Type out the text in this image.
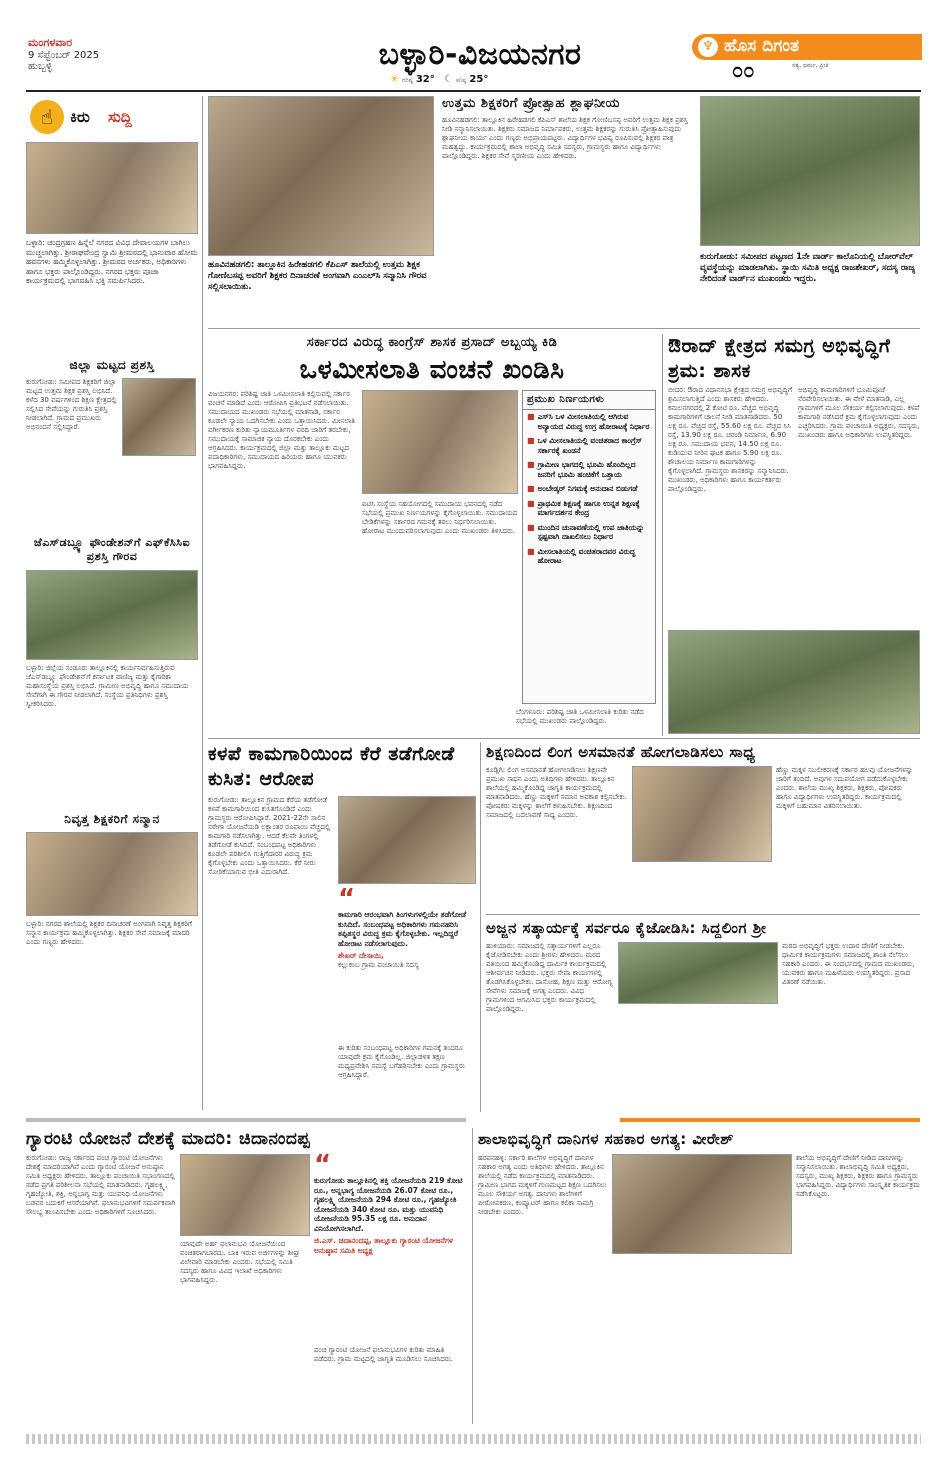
ಮಂಗಳವಾರ
9 ಸೆಪ್ಟೆಂಬರ್ 2025
ಹುಬ್ಬಳ್ಳಿ	ಬಳ್ಳಾರಿ-ವಿಜಯನಗರ
☀ ಗರಿಷ್ಠ 32° ☾ ಕನಿಷ್ಠ 25°
♆ ಹೊಸ ದಿಗಂತ
ಸತ್ಯ, ಧರ್ಮ, ಪ್ರೀತಿ
೦೦
☝	ಕಿರು ಸುದ್ದಿ
ಬಳ್ಳಾರಿ: ಚಂದ್ರಗ್ರಹಣ ಹಿನ್ನೆಲೆ ನಗರದ ವಿವಿಧ ದೇವಾಲಯಗಳ ಬಾಗಿಲು ಮುಚ್ಚಲಾಗಿತ್ತು. ಶ್ರೀರಾಘವೇಂದ್ರ ಸ್ವಾಮಿ ಶ್ರೀಮಠದಲ್ಲಿ ಭಾನುವಾರ ಹೋಮ ಹವನಗಳು ಹಮ್ಮಿಕೊಳ್ಳಲಾಗಿತ್ತು. ಶ್ರೀಮಠದ ಅರ್ಚಕರು, ಅಧಿಕಾರಿಗಳು ಹಾಗೂ ಭಕ್ತರು ಪಾಲ್ಗೊಂಡಿದ್ದರು. ನಗರದ ಭಕ್ತರು ಪೂಜಾ ಕಾರ್ಯಕ್ರಮದಲ್ಲಿ ಭಾಗವಹಿಸಿ ಭಕ್ತಿ ಸಮರ್ಪಿಸಿದರು.
ಜಿಲ್ಲಾ ಮಟ್ಟದ ಪ್ರಶಸ್ತಿ
ಕುರುಗೋಡು: ಸಮೀಪದ ಶಿಕ್ಷಕರಿಗೆ ಜಿಲ್ಲಾ ಮಟ್ಟದ ಉತ್ತಮ ಶಿಕ್ಷಕ ಪ್ರಶಸ್ತಿ ಲಭಿಸಿದೆ. ಕಳೆದ 30 ವರ್ಷಗಳಿಂದ ಶಿಕ್ಷಣ ಕ್ಷೇತ್ರದಲ್ಲಿ ಸಲ್ಲಿಸಿದ ಸೇವೆಯನ್ನು ಗುರುತಿಸಿ ಪ್ರಶಸ್ತಿ ನೀಡಲಾಗಿದೆ. ಗ್ರಾಮದ ಪ್ರಮುಖರು ಅಭಿನಂದನೆ ಸಲ್ಲಿಸಿದ್ದಾರೆ.
ಜೆಎಸ್‌ಡಬ್ಲ್ಯೂ ಫೌಂಡೇಶನ್‌ಗೆ ಎಫ್‌ಕೆಸಿಸಿಐ ಪ್ರಶಸ್ತಿ ಗೌರವ
ಬಳ್ಳಾರಿ: ಜಿಲ್ಲೆಯ ಸಂಡೂರು ತಾಲ್ಲೂಕಿನಲ್ಲಿ ಕಾರ್ಯನಿರ್ವಹಿಸುತ್ತಿರುವ ಜೆಎಸ್‌ಡಬ್ಲ್ಯೂ ಫೌಂಡೇಶನ್‌ಗೆ ಕರ್ನಾಟಕ ವಾಣಿಜ್ಯ ಮತ್ತು ಕೈಗಾರಿಕಾ ಮಹಾಸಂಸ್ಥೆಯ ಪ್ರಶಸ್ತಿ ಲಭಿಸಿದೆ. ಗ್ರಾಮೀಣ ಅಭಿವೃದ್ಧಿ ಹಾಗೂ ಸಮುದಾಯ ಸೇವೆಗಾಗಿ ಈ ಗೌರವ ನೀಡಲಾಗಿದೆ. ಸಂಸ್ಥೆಯ ಪ್ರತಿನಿಧಿಗಳು ಪ್ರಶಸ್ತಿ ಸ್ವೀಕರಿಸಿದರು.
ನಿವೃತ್ತ ಶಿಕ್ಷಕರಿಗೆ ಸನ್ಮಾನ
ಬಳ್ಳಾರಿ: ನಗರದ ಶಾಲೆಯಲ್ಲಿ ಶಿಕ್ಷಕರ ದಿನಾಚರಣೆ ಅಂಗವಾಗಿ ನಿವೃತ್ತ ಶಿಕ್ಷಕರಿಗೆ ಸನ್ಮಾನ ಕಾರ್ಯಕ್ರಮ ಹಮ್ಮಿಕೊಳ್ಳಲಾಗಿತ್ತು. ಶಿಕ್ಷಕರ ಸೇವೆ ಸಮಾಜಕ್ಕೆ ಮಾದರಿ ಎಂದು ಗಣ್ಯರು ಹೇಳಿದರು.
ಹೂವಿನಹಡಗಲಿ: ತಾಲ್ಲೂಕಿನ ಹಿರೇಹಡಗಲಿ ಕೆಪಿಎಸ್ ಶಾಲೆಯಲ್ಲಿ ಉತ್ತಮ ಶಿಕ್ಷಕ ಗೋಣಿಬಸಪ್ಪ ಅವರಿಗೆ ಶಿಕ್ಷಕರ ದಿನಾಚರಣೆ ಅಂಗವಾಗಿ ಎಂಎಲ್‌ಸಿ ಸನ್ಮಾನಿಸಿ ಗೌರವ ಸಲ್ಲಿಸಲಾಯಿತು.
ಉತ್ತಮ ಶಿಕ್ಷಕರಿಗೆ ಪ್ರೋತ್ಸಾಹ ಶ್ಲಾಘನೀಯ
ಹೂವಿನಹಡಗಲಿ: ತಾಲ್ಲೂಕಿನ ಹಿರೇಹಡಗಲಿ ಕೆಪಿಎಸ್ ಶಾಲೆಯ ಶಿಕ್ಷಕ ಗೋಣಿಬಸಪ್ಪ ಅವರಿಗೆ ಉತ್ತಮ ಶಿಕ್ಷಕ ಪ್ರಶಸ್ತಿ ನೀಡಿ ಸನ್ಮಾನಿಸಲಾಯಿತು. ಶಿಕ್ಷಕರು ಸಮಾಜದ ನಿರ್ಮಾಪಕರು, ಉತ್ತಮ ಶಿಕ್ಷಕರನ್ನು ಗುರುತಿಸಿ ಪ್ರೋತ್ಸಾಹಿಸುವುದು ಶ್ಲಾಘನೀಯ ಕಾರ್ಯ ಎಂದು ಗಣ್ಯರು ಅಭಿಪ್ರಾಯಪಟ್ಟರು. ವಿದ್ಯಾರ್ಥಿಗಳ ಭವಿಷ್ಯ ರೂಪಿಸುವಲ್ಲಿ ಶಿಕ್ಷಕರ ಪಾತ್ರ ಮಹತ್ವದ್ದು. ಕಾರ್ಯಕ್ರಮದಲ್ಲಿ ಶಾಲಾ ಅಭಿವೃದ್ಧಿ ಸಮಿತಿ ಸದಸ್ಯರು, ಗ್ರಾಮಸ್ಥರು ಹಾಗೂ ವಿದ್ಯಾರ್ಥಿಗಳು ಪಾಲ್ಗೊಂಡಿದ್ದರು. ಶಿಕ್ಷಕರ ಸೇವೆ ಸ್ಮರಣೀಯ ಎಂದು ಹೇಳಿದರು.
ಕುರುಗೋಡು: ಸಮೀಪದ ಪಟ್ಟಣದ 1ನೇ ವಾರ್ಡ್ ಕಾಲೊನಿಯಲ್ಲಿ ಬೋರ್‌ವೆಲ್ ವ್ಯವಸ್ಥೆಯನ್ನು ಮಾಡಲಾಗಿತು. ಸ್ಥಾಯಿ ಸಮಿತಿ ಅಧ್ಯಕ್ಷ ರಾಜಶೇಖರ್, ಸದಸ್ಯ ರಾಜ್ಯ ನೇರಿದಂತೆ ವಾರ್ಡ್‌ನ ಮುಖಂಡರು ಇದ್ದರು.
ಸರ್ಕಾರದ ವಿರುದ್ಧ ಕಾಂಗ್ರೆಸ್ ಶಾಸಕ ಪ್ರಸಾದ್ ಅಬ್ಬಯ್ಯ ಕಿಡಿ
ಒಳಮೀಸಲಾತಿ ವಂಚನೆ ಖಂಡಿಸಿ
ವಿಜಯನಗರ: ಪರಿಶಿಷ್ಟ ಜಾತಿ ಒಳಮೀಸಲಾತಿ ಕಲ್ಪಿಸುವಲ್ಲಿ ಸರ್ಕಾರ ವಂಚನೆ ಮಾಡಿದೆ ಎಂದು ಆರೋಪಿಸಿ ಪ್ರತಿಭಟನೆ ನಡೆಸಲಾಯಿತು. ಸಮುದಾಯದ ಮುಖಂಡರು ಸಭೆಯಲ್ಲಿ ಮಾತನಾಡಿ, ಸರ್ಕಾರ ಕೂಡಲೇ ನ್ಯಾಯ ಒದಗಿಸಬೇಕು ಎಂದು ಒತ್ತಾಯಿಸಿದರು. ಮೀಸಲಾತಿ ವರ್ಗೀಕರಣ ಕುರಿತು ನ್ಯಾಯಮೂರ್ತಿಗಳ ವರದಿ ಜಾರಿಗೆ ತರಬೇಕು, ಸಮುದಾಯಕ್ಕೆ ಸಾಮಾಜಿಕ ನ್ಯಾಯ ದೊರಕಬೇಕು ಎಂದು ಆಗ್ರಹಿಸಿದರು. ಕಾರ್ಯಕ್ರಮದಲ್ಲಿ ಜಿಲ್ಲಾ ಮತ್ತು ತಾಲ್ಲೂಕು ಮಟ್ಟದ ಪದಾಧಿಕಾರಿಗಳು, ಸಮುದಾಯದ ಹಿರಿಯರು ಹಾಗೂ ಯುವಕರು ಭಾಗವಹಿಸಿದ್ದರು.
ಐಟಿಸಿ ಸಂಸ್ಥೆಯ ಸಹಯೋಗದಲ್ಲಿ ಸಮುದಾಯ ಭವನದಲ್ಲಿ ನಡೆದ ಸಭೆಯಲ್ಲಿ ಪ್ರಮುಖ ನಿರ್ಣಯಗಳನ್ನು ಕೈಗೊಳ್ಳಲಾಯಿತು. ಸಮುದಾಯದ ಬೇಡಿಕೆಗಳನ್ನು ಸರ್ಕಾರದ ಗಮನಕ್ಕೆ ತರಲು ನಿರ್ಧರಿಸಲಾಯಿತು. ಹೋರಾಟ ಮುಂದುವರಿಸಲಾಗುವುದು ಎಂದು ಮುಖಂಡರು ತಿಳಿಸಿದರು.
ಬೆಂಗಳೂರು: ಪರಿಶಿಷ್ಟ ಜಾತಿ ಒಳಮೀಸಲಾತಿ ಕುರಿತು ನಡೆದ ಸಭೆಯಲ್ಲಿ ಮುಖಂಡರು ಪಾಲ್ಗೊಂಡಿದ್ದರು.
ಪ್ರಮುಖ ನಿರ್ಣಯಗಳು
■ ಎಸ್‌ಸಿ ಒಳ ಮೀಸಲಾತಿಯಲ್ಲಿ ಆಗಿರುವ ಅನ್ಯಾಯದ ವಿರುದ್ಧ ಉಗ್ರ ಹೋರಾಟಕ್ಕೆ ನಿರ್ಧಾರ
■ ಒಳ ಮೀಸಲಾತಿಯಲ್ಲಿ ವಂಚಿತರಾದ ಕಾಂಗ್ರೆಸ್ ಸರ್ಕಾರಕ್ಕೆ ಖಂಡನೆ
■ ಗ್ರಾಮೀಣ ಭಾಗದಲ್ಲಿ ಭೂಮಿ ಹೊಂದಿಲ್ಲದ ಜನರಿಗೆ ಭೂಮಿ ಹಂಚಿಕೆಗೆ ಒತ್ತಾಯ
■ ಅಂಬೇಡ್ಕರ್ ನಿಗಮಕ್ಕೆ ಅನುದಾನ ಬಿಡುಗಡೆ
■ ಪ್ರಾಥಮಿಕ ಶಿಕ್ಷಣಕ್ಕೆ ಹಾಗೂ ಉನ್ನತ ಶಿಕ್ಷಣಕ್ಕೆ ಮಾರ್ಗದರ್ಶನ ಕೇಂದ್ರ
■ ಮುಂದಿನ ಚುನಾವಣೆಯಲ್ಲಿ ಉಪ ಜಾತಿಯನ್ನು ಸ್ಪಷ್ಟವಾಗಿ ದಾಖಲಿಸಲು ನಿರ್ಧಾರ
■ ಮೀಸಲಾತಿಯಲ್ಲಿ ವಂಚಿತರಾದವರ ವಿರುದ್ಧ ಹೋರಾಟ
ಔರಾದ್ ಕ್ಷೇತ್ರದ ಸಮಗ್ರ ಅಭಿವೃದ್ಧಿಗೆ ಶ್ರಮ: ಶಾಸಕ
ಬೀದರ: ಔರಾದ ವಿಧಾನಸಭಾ ಕ್ಷೇತ್ರದ ಸಮಗ್ರ ಅಭಿವೃದ್ಧಿಗೆ ಶ್ರಮಿಸಲಾಗುತ್ತಿದೆ ಎಂದು ಶಾಸಕರು ಹೇಳಿದರು. ಕಮಲನಗರದಲ್ಲಿ 2 ಕೋಟಿ ರೂ. ವೆಚ್ಚದ ಅಭಿವೃದ್ಧಿ ಕಾಮಗಾರಿಗಳಿಗೆ ಚಾಲನೆ ನೀಡಿ ಮಾತನಾಡಿದರು. 50 ಲಕ್ಷ ರೂ. ವೆಚ್ಚದ ರಸ್ತೆ, 55.60 ಲಕ್ಷ ರೂ. ವೆಚ್ಚದ ಸಿಸಿ ರಸ್ತೆ, 13.90 ಲಕ್ಷ ರೂ. ಚರಂಡಿ ನಿರ್ಮಾಣ, 6.90 ಲಕ್ಷ ರೂ. ಸಮುದಾಯ ಭವನ, 14.50 ಲಕ್ಷ ರೂ. ಕುಡಿಯುವ ನೀರಿನ ಘಟಕ ಹಾಗೂ 5.90 ಲಕ್ಷ ರೂ. ಶೌಚಾಲಯ ನಿರ್ಮಾಣ ಕಾಮಗಾರಿಗಳನ್ನು ಕೈಗೊಳ್ಳಲಾಗಿದೆ. ಗ್ರಾಮಸ್ಥರು ಶಾಸಕರನ್ನು ಸನ್ಮಾನಿಸಿದರು. ಮುಖಂಡರು, ಅಧಿಕಾರಿಗಳು ಹಾಗೂ ಕಾರ್ಯಕರ್ತರು ಪಾಲ್ಗೊಂಡಿದ್ದರು.
ಅಭಿವೃದ್ಧಿ ಕಾಮಗಾರಿಗಳಿಗೆ ಭೂಮಿಪೂಜೆ ನೆರವೇರಿಸಲಾಯಿತು. ಈ ವೇಳೆ ಮಾತನಾಡಿ, ಎಲ್ಲ ಗ್ರಾಮಗಳಿಗೆ ಮೂಲ ಸೌಕರ್ಯ ಕಲ್ಪಿಸಲಾಗುವುದು. ಕಳಪೆ ಕಾಮಗಾರಿ ನಡೆಸಿದರೆ ಕ್ರಮ ಕೈಗೊಳ್ಳಲಾಗುವುದು ಎಂದು ಎಚ್ಚರಿಸಿದರು. ಗ್ರಾಮ ಪಂಚಾಯಿತಿ ಅಧ್ಯಕ್ಷರು, ಸದಸ್ಯರು, ಮುಖಂಡರು ಹಾಗೂ ಅಧಿಕಾರಿಗಳು ಉಪಸ್ಥಿತರಿದ್ದರು.
ಕಳಪೆ ಕಾಮಗಾರಿಯಿಂದ ಕೆರೆ ತಡೆಗೋಡೆ ಕುಸಿತ: ಆರೋಪ
ಕುರುಗೋಡು: ತಾಲ್ಲೂಕಿನ ಗ್ರಾಮದ ಕೆರೆಯ ತಡೆಗೋಡೆ ಕಳಪೆ ಕಾಮಗಾರಿಯಿಂದ ಕುಸಿತಗೊಂಡಿದೆ ಎಂದು ಗ್ರಾಮಸ್ಥರು ಆರೋಪಿಸಿದ್ದಾರೆ. 2021-22ನೇ ಸಾಲಿನ ನರೇಗಾ ಯೋಜನೆಯಡಿ ಲಕ್ಷಾಂತರ ರೂಪಾಯಿ ವೆಚ್ಚದಲ್ಲಿ ಕಾಮಗಾರಿ ನಡೆಸಲಾಗಿತ್ತು. ಆದರೆ ಕೆಲವೇ ತಿಂಗಳಲ್ಲಿ ತಡೆಗೋಡೆ ಕುಸಿದಿದೆ. ಸಂಬಂಧಪಟ್ಟ ಅಧಿಕಾರಿಗಳು ಕೂಡಲೇ ಪರಿಶೀಲಿಸಿ ಗುತ್ತಿಗೆದಾರರ ವಿರುದ್ಧ ಕ್ರಮ ಕೈಗೊಳ್ಳಬೇಕು ಎಂದು ಒತ್ತಾಯಿಸಿದರು. ಕೆರೆ ನೀರು ಸೋರಿಕೆಯಾಗುವ ಭೀತಿ ಎದುರಾಗಿದೆ.
“
ಕಾಮಗಾರಿ ಆರಂಭವಾಗಿ ತಿಂಗಳುಗಳಲ್ಲಿಯೇ ತಡೆಗೋಡೆ ಕುಸಿದಿದೆ. ಸಂಬಂಧಪಟ್ಟ ಅಧಿಕಾರಿಗಳು ಗಮನಹರಿಸಿ ತಪ್ಪಿತಸ್ಥರ ವಿರುದ್ಧ ಕ್ರಮ ಕೈಗೊಳ್ಳಬೇಕು. ಇಲ್ಲದಿದ್ದರೆ ಹೋರಾಟ ನಡೆಸಲಾಗುವುದು.
ಶೇಖರ್ ದೇಸಾಯಿ,
ಕಲ್ಲುಕಂಬ ಗ್ರಾಮ ಪಂಚಾಯಿತಿ ಸದಸ್ಯ
ಈ ಕುರಿತು ಸಂಬಂಧಪಟ್ಟ ಅಧಿಕಾರಿಗಳ ಗಮನಕ್ಕೆ ತಂದರೂ ಯಾವುದೇ ಕ್ರಮ ಕೈಗೊಂಡಿಲ್ಲ. ಜಿಲ್ಲಾಡಳಿತ ತಕ್ಷಣ ಮಧ್ಯಪ್ರವೇಶಿಸಿ ಸಮಸ್ಯೆ ಬಗೆಹರಿಸಬೇಕು ಎಂದು ಗ್ರಾಮಸ್ಥರು ಆಗ್ರಹಿಸಿದ್ದಾರೆ.
ಶಿಕ್ಷಣದಿಂದ ಲಿಂಗ ಅಸಮಾನತೆ ಹೋಗಲಾಡಿಸಲು ಸಾಧ್ಯ
ಕೂಡ್ಲಿಗಿ: ಲಿಂಗ ಅಸಮಾನತೆ ಹೋಗಲಾಡಿಸಲು ಶಿಕ್ಷಣವೇ ಪ್ರಮುಖ ಸಾಧನ ಎಂದು ಅತಿಥಿಗಳು ಹೇಳಿದರು. ತಾಲ್ಲೂಕಿನ ಶಾಲೆಯಲ್ಲಿ ಹಮ್ಮಿಕೊಂಡಿದ್ದ ಜಾಗೃತಿ ಕಾರ್ಯಕ್ರಮದಲ್ಲಿ ಮಾತನಾಡಿದರು. ಹೆಣ್ಣು ಮಕ್ಕಳಿಗೆ ಸಮಾನ ಅವಕಾಶ ಕಲ್ಪಿಸಬೇಕು. ಪೋಷಕರು ಮಕ್ಕಳನ್ನು ಶಾಲೆಗೆ ಕಳುಹಿಸಬೇಕು. ಶಿಕ್ಷಣದಿಂದ ಸಮಾಜದಲ್ಲಿ ಬದಲಾವಣೆ ಸಾಧ್ಯ ಎಂದರು.
ಹೆಣ್ಣು ಮಕ್ಕಳ ಸಬಲೀಕರಣಕ್ಕೆ ಸರ್ಕಾರ ಹಲವು ಯೋಜನೆಗಳನ್ನು ಜಾರಿಗೆ ತಂದಿದೆ. ಅವುಗಳ ಸದುಪಯೋಗ ಪಡೆದುಕೊಳ್ಳಬೇಕು ಎಂದರು. ಶಾಲೆಯ ಮುಖ್ಯ ಶಿಕ್ಷಕರು, ಶಿಕ್ಷಕರು, ಪೋಷಕರು ಹಾಗೂ ವಿದ್ಯಾರ್ಥಿಗಳು ಉಪಸ್ಥಿತರಿದ್ದರು. ಕಾರ್ಯಕ್ರಮದಲ್ಲಿ ಮಕ್ಕಳಿಗೆ ಬಹುಮಾನ ವಿತರಿಸಲಾಯಿತು.
ಅಜ್ಜನ ಸತ್ಕಾರ್ಯಕ್ಕೆ ಸರ್ವರೂ ಕೈಜೋಡಿಸಿ: ಸಿದ್ದಲಿಂಗ ಶ್ರೀ
ಹುಳಿಯಾರು: ಸಮಾಜದಲ್ಲಿ ಸತ್ಕಾರ್ಯಗಳಿಗೆ ಎಲ್ಲರೂ ಕೈಜೋಡಿಸಬೇಕು ಎಂದು ಶ್ರೀಗಳು ಹೇಳಿದರು. ಮಠದ ವತಿಯಿಂದ ಹಮ್ಮಿಕೊಂಡಿದ್ದ ಧಾರ್ಮಿಕ ಕಾರ್ಯಕ್ರಮದಲ್ಲಿ ಆಶೀರ್ವಚನ ನೀಡಿದರು. ಭಕ್ತರು ಸೇವಾ ಕಾರ್ಯಗಳಲ್ಲಿ ತೊಡಗಿಸಿಕೊಳ್ಳಬೇಕು. ದಾಸೋಹ, ಶಿಕ್ಷಣ ಮತ್ತು ಆರೋಗ್ಯ ಸೇವೆಗಳು ಸಮಾಜಕ್ಕೆ ಅಗತ್ಯ ಎಂದರು. ವಿವಿಧ ಗ್ರಾಮಗಳಿಂದ ಆಗಮಿಸಿದ ಭಕ್ತರು ಕಾರ್ಯಕ್ರಮದಲ್ಲಿ ಪಾಲ್ಗೊಂಡಿದ್ದರು.
ಮಠದ ಅಭಿವೃದ್ಧಿಗೆ ಭಕ್ತರು ಉದಾರ ದೇಣಿಗೆ ನೀಡಬೇಕು. ಧಾರ್ಮಿಕ ಕಾರ್ಯಕ್ರಮಗಳು ಸಮಾಜದಲ್ಲಿ ಶಾಂತಿ ನೆಲೆಸಲು ಸಹಕಾರಿ ಎಂದರು. ಈ ಸಂದರ್ಭದಲ್ಲಿ ಗ್ರಾಮದ ಮುಖಂಡರು, ಯುವಕರು ಹಾಗೂ ಮಹಿಳೆಯರು ಉಪಸ್ಥಿತರಿದ್ದರು. ಪ್ರಸಾದ ವಿತರಣೆ ನಡೆಯಿತು.
ಗ್ಯಾರಂಟಿ ಯೋಜನೆ ದೇಶಕ್ಕೆ ಮಾದರಿ: ಚಿದಾನಂದಪ್ಪ
ಕುರುಗೋಡು: ರಾಜ್ಯ ಸರ್ಕಾರದ ಪಂಚ ಗ್ಯಾರಂಟಿ ಯೋಜನೆಗಳು ದೇಶಕ್ಕೆ ಮಾದರಿಯಾಗಿವೆ ಎಂದು ಗ್ಯಾರಂಟಿ ಯೋಜನೆ ಅನುಷ್ಠಾನ ಸಮಿತಿ ಅಧ್ಯಕ್ಷರು ಹೇಳಿದರು. ತಾಲ್ಲೂಕು ಪಂಚಾಯಿತಿ ಸಭಾಂಗಣದಲ್ಲಿ ನಡೆದ ಪ್ರಗತಿ ಪರಿಶೀಲನಾ ಸಭೆಯಲ್ಲಿ ಮಾತನಾಡಿದರು. ಗೃಹಲಕ್ಷ್ಮಿ, ಗೃಹಜ್ಯೋತಿ, ಶಕ್ತಿ, ಅನ್ನಭಾಗ್ಯ ಮತ್ತು ಯುವನಿಧಿ ಯೋಜನೆಗಳು ಬಡವರ ಬದುಕಿಗೆ ಆಸರೆಯಾಗಿವೆ. ಫಲಾನುಭವಿಗಳಿಗೆ ಸಮರ್ಪಕವಾಗಿ ಸೌಲಭ್ಯ ತಲುಪಿಸಬೇಕು ಎಂದು ಅಧಿಕಾರಿಗಳಿಗೆ ಸೂಚಿಸಿದರು.
ಯಾವುದೇ ಅರ್ಹ ಫಲಾನುಭವಿ ಯೋಜನೆಯಿಂದ ವಂಚಿತರಾಗಬಾರದು. ಬಾಕಿ ಇರುವ ಅರ್ಜಿಗಳನ್ನು ಶೀಘ್ರ ವಿಲೇವಾರಿ ಮಾಡಬೇಕು ಎಂದರು. ಸಭೆಯಲ್ಲಿ ಸಮಿತಿ ಸದಸ್ಯರು ಹಾಗೂ ವಿವಿಧ ಇಲಾಖೆ ಅಧಿಕಾರಿಗಳು ಭಾಗವಹಿಸಿದ್ದರು.
“
ಕುರುಗೋಡು ತಾಲ್ಲೂಕಿನಲ್ಲಿ ಶಕ್ತಿ ಯೋಜನೆಯಡಿ 219 ಕೋಟಿ ರೂ., ಅನ್ನಭಾಗ್ಯ ಯೋಜನೆಯಡಿ 26.07 ಕೋಟಿ ರೂ., ಗೃಹಲಕ್ಷ್ಮಿ ಯೋಜನೆಯಡಿ 294 ಕೋಟಿ ರೂ., ಗೃಹಜ್ಯೋತಿ ಯೋಜನೆಯಡಿ 340 ಕೋಟಿ ರೂ. ಮತ್ತು ಯುವನಿಧಿ ಯೋಜನೆಯಡಿ 95.35 ಲಕ್ಷ ರೂ. ಅನುದಾನ ವಿನಿಯೋಗಿಸಲಾಗಿದೆ.
ಜಿ.ಎಸ್. ಚಿದಾನಂದಪ್ಪ, ತಾಲ್ಲೂಕು ಗ್ಯಾರಂಟಿ ಯೋಜನೆಗಳ ಅನುಷ್ಠಾನ ಸಮಿತಿ ಅಧ್ಯಕ್ಷ
ಪಂಚ ಗ್ಯಾರಂಟಿ ಯೋಜನೆ ಫಲಾನುಭವಿಗಳ ಕುರಿತು ಮಾಹಿತಿ ಪಡೆದರು. ಗ್ರಾಮ ಮಟ್ಟದಲ್ಲಿ ಜಾಗೃತಿ ಮೂಡಿಸಲು ಸೂಚಿಸಿದರು.
ಶಾಲಾಭಿವೃದ್ಧಿಗೆ ದಾನಿಗಳ ಸಹಕಾರ ಅಗತ್ಯ: ವೀರೇಶ್
ಹರಪನಹಳ್ಳಿ: ಸರ್ಕಾರಿ ಶಾಲೆಗಳ ಅಭಿವೃದ್ಧಿಗೆ ದಾನಿಗಳ ಸಹಕಾರ ಅಗತ್ಯ ಎಂದು ಅತಿಥಿಗಳು ಹೇಳಿದರು. ತಾಲ್ಲೂಕಿನ ಶಾಲೆಯಲ್ಲಿ ನಡೆದ ಕಾರ್ಯಕ್ರಮದಲ್ಲಿ ಮಾತನಾಡಿದರು. ಗ್ರಾಮೀಣ ಭಾಗದ ಮಕ್ಕಳಿಗೆ ಗುಣಮಟ್ಟದ ಶಿಕ್ಷಣ ಒದಗಿಸಲು ಮೂಲ ಸೌಕರ್ಯ ಅಗತ್ಯ. ದಾನಿಗಳು ಶಾಲೆಗಳಿಗೆ ಪೀಠೋಪಕರಣ, ಕಂಪ್ಯೂಟರ್ ಹಾಗೂ ಕಲಿಕಾ ಸಾಮಗ್ರಿ ನೀಡಬೇಕು ಎಂದರು.
ಶಾಲೆಯ ಅಭಿವೃದ್ಧಿಗೆ ದೇಣಿಗೆ ನೀಡಿದ ದಾನಿಗಳನ್ನು ಸನ್ಮಾನಿಸಲಾಯಿತು. ಶಾಲಾಭಿವೃದ್ಧಿ ಸಮಿತಿ ಅಧ್ಯಕ್ಷರು, ಸದಸ್ಯರು, ಮುಖ್ಯ ಶಿಕ್ಷಕರು, ಶಿಕ್ಷಕರು ಹಾಗೂ ಗ್ರಾಮಸ್ಥರು ಭಾಗವಹಿಸಿದ್ದರು. ವಿದ್ಯಾರ್ಥಿಗಳು ಸಾಂಸ್ಕೃತಿಕ ಕಾರ್ಯಕ್ರಮ ನಡೆಸಿಕೊಟ್ಟರು.
